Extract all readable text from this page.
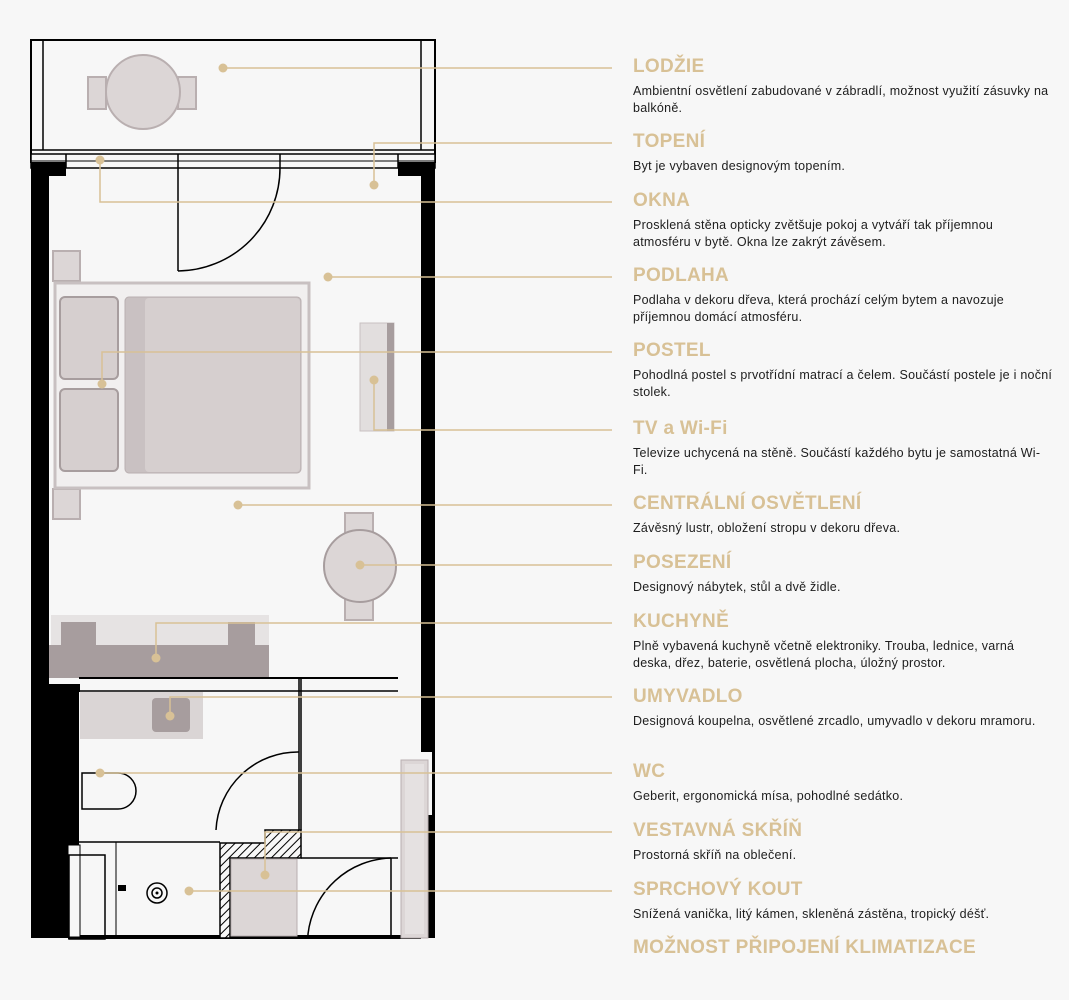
LODŽIE
Ambientní osvětlení zabudované v zábradlí, možnost využití zásuvky na balkóně.
TOPENÍ
Byt je vybaven designovým topením.
OKNA
Prosklená stěna opticky zvětšuje pokoj a vytváří tak příjemnou atmosféru v bytě. Okna lze zakrýt závěsem.
PODLAHA
Podlaha v dekoru dřeva, která prochází celým bytem a navozuje příjemnou domácí atmosféru.
POSTEL
Pohodlná postel s prvotřídní matrací a čelem. Součástí postele je i noční stolek.
TV a Wi-Fi
Televize uchycená na stěně. Součástí každého bytu je samostatná Wi-Fi.
CENTRÁLNÍ OSVĚTLENÍ
Závěsný lustr, obložení stropu v dekoru dřeva.
POSEZENÍ
Designový nábytek, stůl a dvě židle.
KUCHYNĚ
Plně vybavená kuchyně včetně elektroniky. Trouba, lednice, varná deska, dřez, baterie, osvětlená plocha, úložný prostor.
UMYVADLO
Designová koupelna, osvětlené zrcadlo, umyvadlo v dekoru mramoru.
WC
Geberit, ergonomická mísa, pohodlné sedátko.
VESTAVNÁ SKŘÍŇ
Prostorná skříň na oblečení.
SPRCHOVÝ KOUT
Snížená vanička, litý kámen, skleněná zástěna, tropický déšť.
MOŽNOST PŘIPOJENÍ KLIMATIZACE
